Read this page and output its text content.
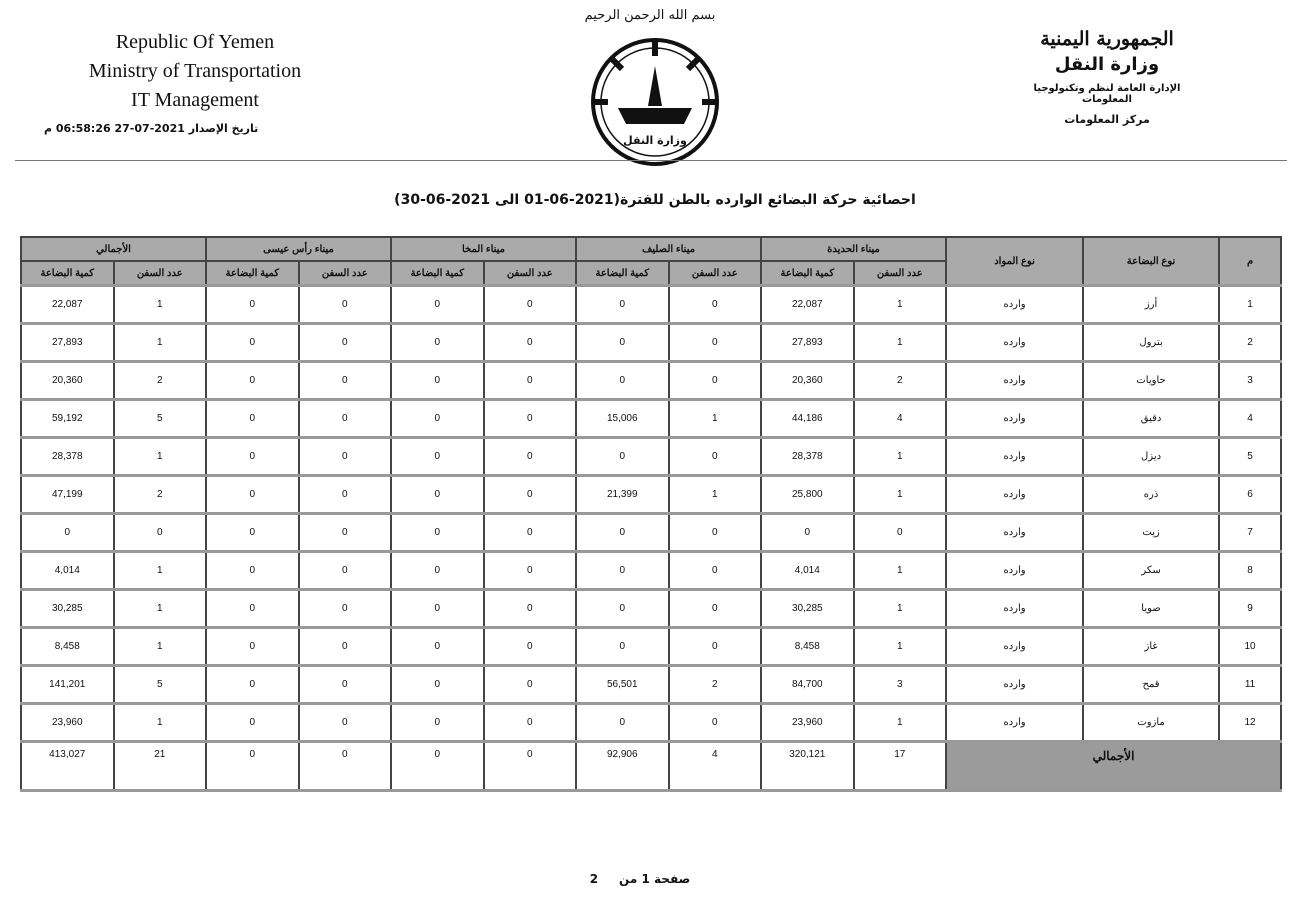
Republic Of Yemen
Ministry of Transportation
IT Management
تاريخ الإصدار 2021-07-27 06:58:26 م
بسم الله الرحمن الرحيم
وزارة النقل
الجمهورية اليمنية
وزارة النقل
الإدارة العامة لنظم وتكنولوجيا المعلومات
مركز المعلومات
احصائية حركة البضائع الوارده بالطن للفترة(2021-06-01 الى 2021-06-30)
م	نوع البضاعة	نوع المواد	ميناء الحديدة		ميناء الصليف		ميناء المخا		ميناء رأس عيسى		الأجمالي	
			عدد السفن	كمية البضاعة	عدد السفن	كمية البضاعة	عدد السفن	كمية البضاعة	عدد السفن	كمية البضاعة	عدد السفن	كمية البضاعة
1	أرز	وارده	1	22,087	0	0	0	0	0	0	1	22,087
2	بترول	وارده	1	27,893	0	0	0	0	0	0	1	27,893
3	حاويات	وارده	2	20,360	0	0	0	0	0	0	2	20,360
4	دقيق	وارده	4	44,186	1	15,006	0	0	0	0	5	59,192
5	ديزل	وارده	1	28,378	0	0	0	0	0	0	1	28,378
6	ذره	وارده	1	25,800	1	21,399	0	0	0	0	2	47,199
7	زيت	وارده	0	0	0	0	0	0	0	0	0	0
8	سكر	وارده	1	4,014	0	0	0	0	0	0	1	4,014
9	صويا	وارده	1	30,285	0	0	0	0	0	0	1	30,285
10	غاز	وارده	1	8,458	0	0	0	0	0	0	1	8,458
11	قمح	وارده	3	84,700	2	56,501	0	0	0	0	5	141,201
12	مازوت	وارده	1	23,960	0	0	0	0	0	0	1	23,960
الأجمالي			17	320,121	4	92,906	0	0	0	0	21	413,027
صفحة 1 من     2
